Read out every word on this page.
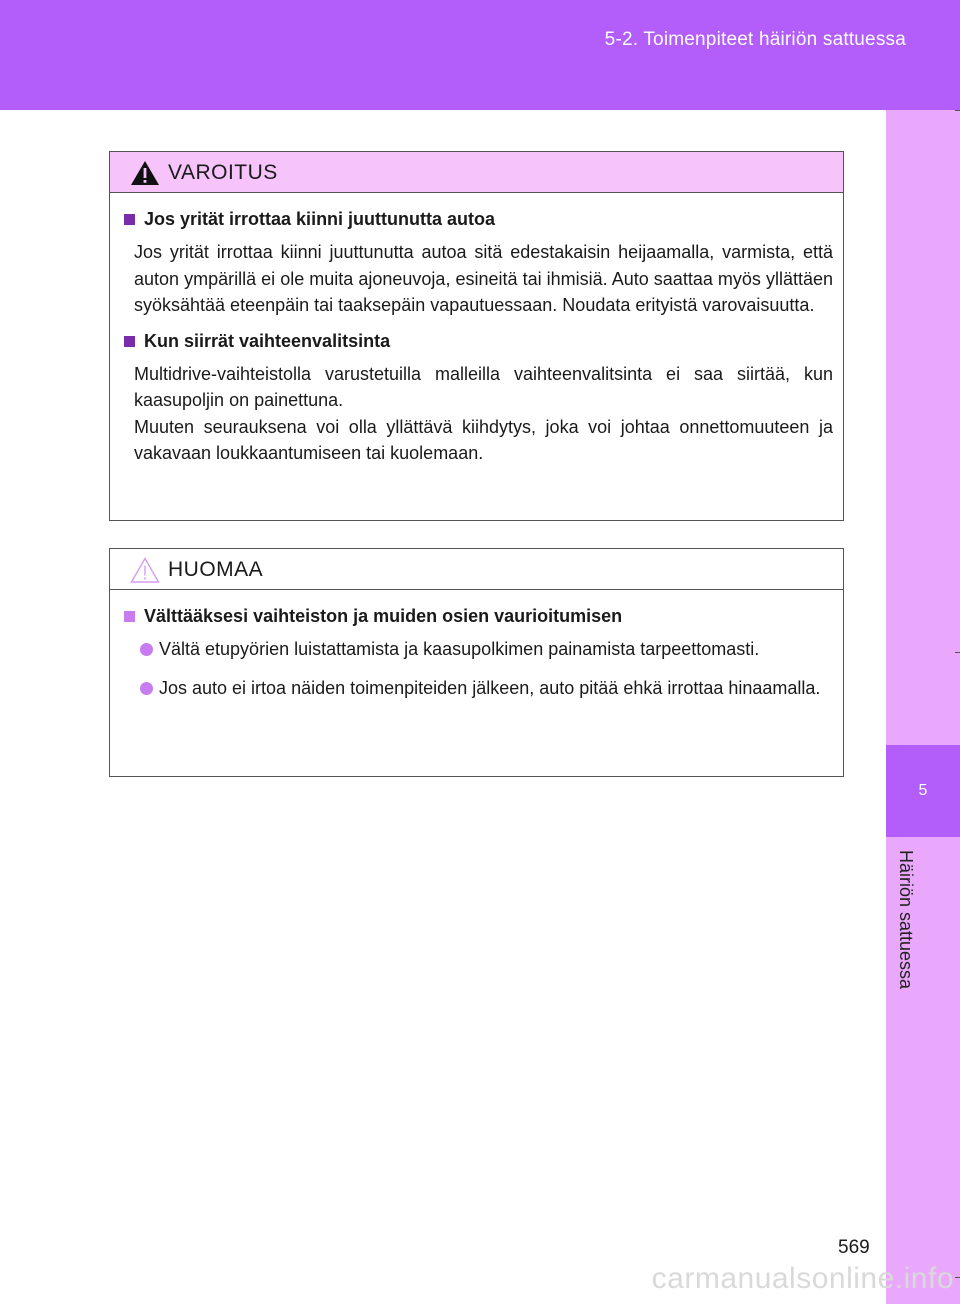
5-2. Toimenpiteet häiriön sattuessa
5
Häiriön sattuessa
VAROITUS
Jos yrität irrottaa kiinni juuttunutta autoa

Jos yrität irrottaa kiinni juuttunutta autoa sitä edestakaisin heijaamalla, varmista, että auton ympärillä ei ole muita ajoneuvoja, esineitä tai ihmisiä. Auto saattaa myös yllättäen syöksähtää eteenpäin tai taaksepäin vapautuessaan. Noudata erityistä varovaisuutta.

Kun siirrät vaihteenvalitsinta

Multidrive-vaihteistolla varustetuilla malleilla vaihteenvalitsinta ei saa siirtää, kun kaasupoljin on painettuna.

Muuten seurauksena voi olla yllättävä kiihdytys, joka voi johtaa onnettomuuteen ja vakavaan loukkaantumiseen tai kuolemaan.

HUOMAA
Välttääksesi vaihteiston ja muiden osien vaurioitumisen
Vältä etupyörien luistattamista ja kaasupolkimen painamista tarpeettomasti.
Jos auto ei irtoa näiden toimenpiteiden jälkeen, auto pitää ehkä irrottaa hinaamalla.
569
carmanualsonline.info
